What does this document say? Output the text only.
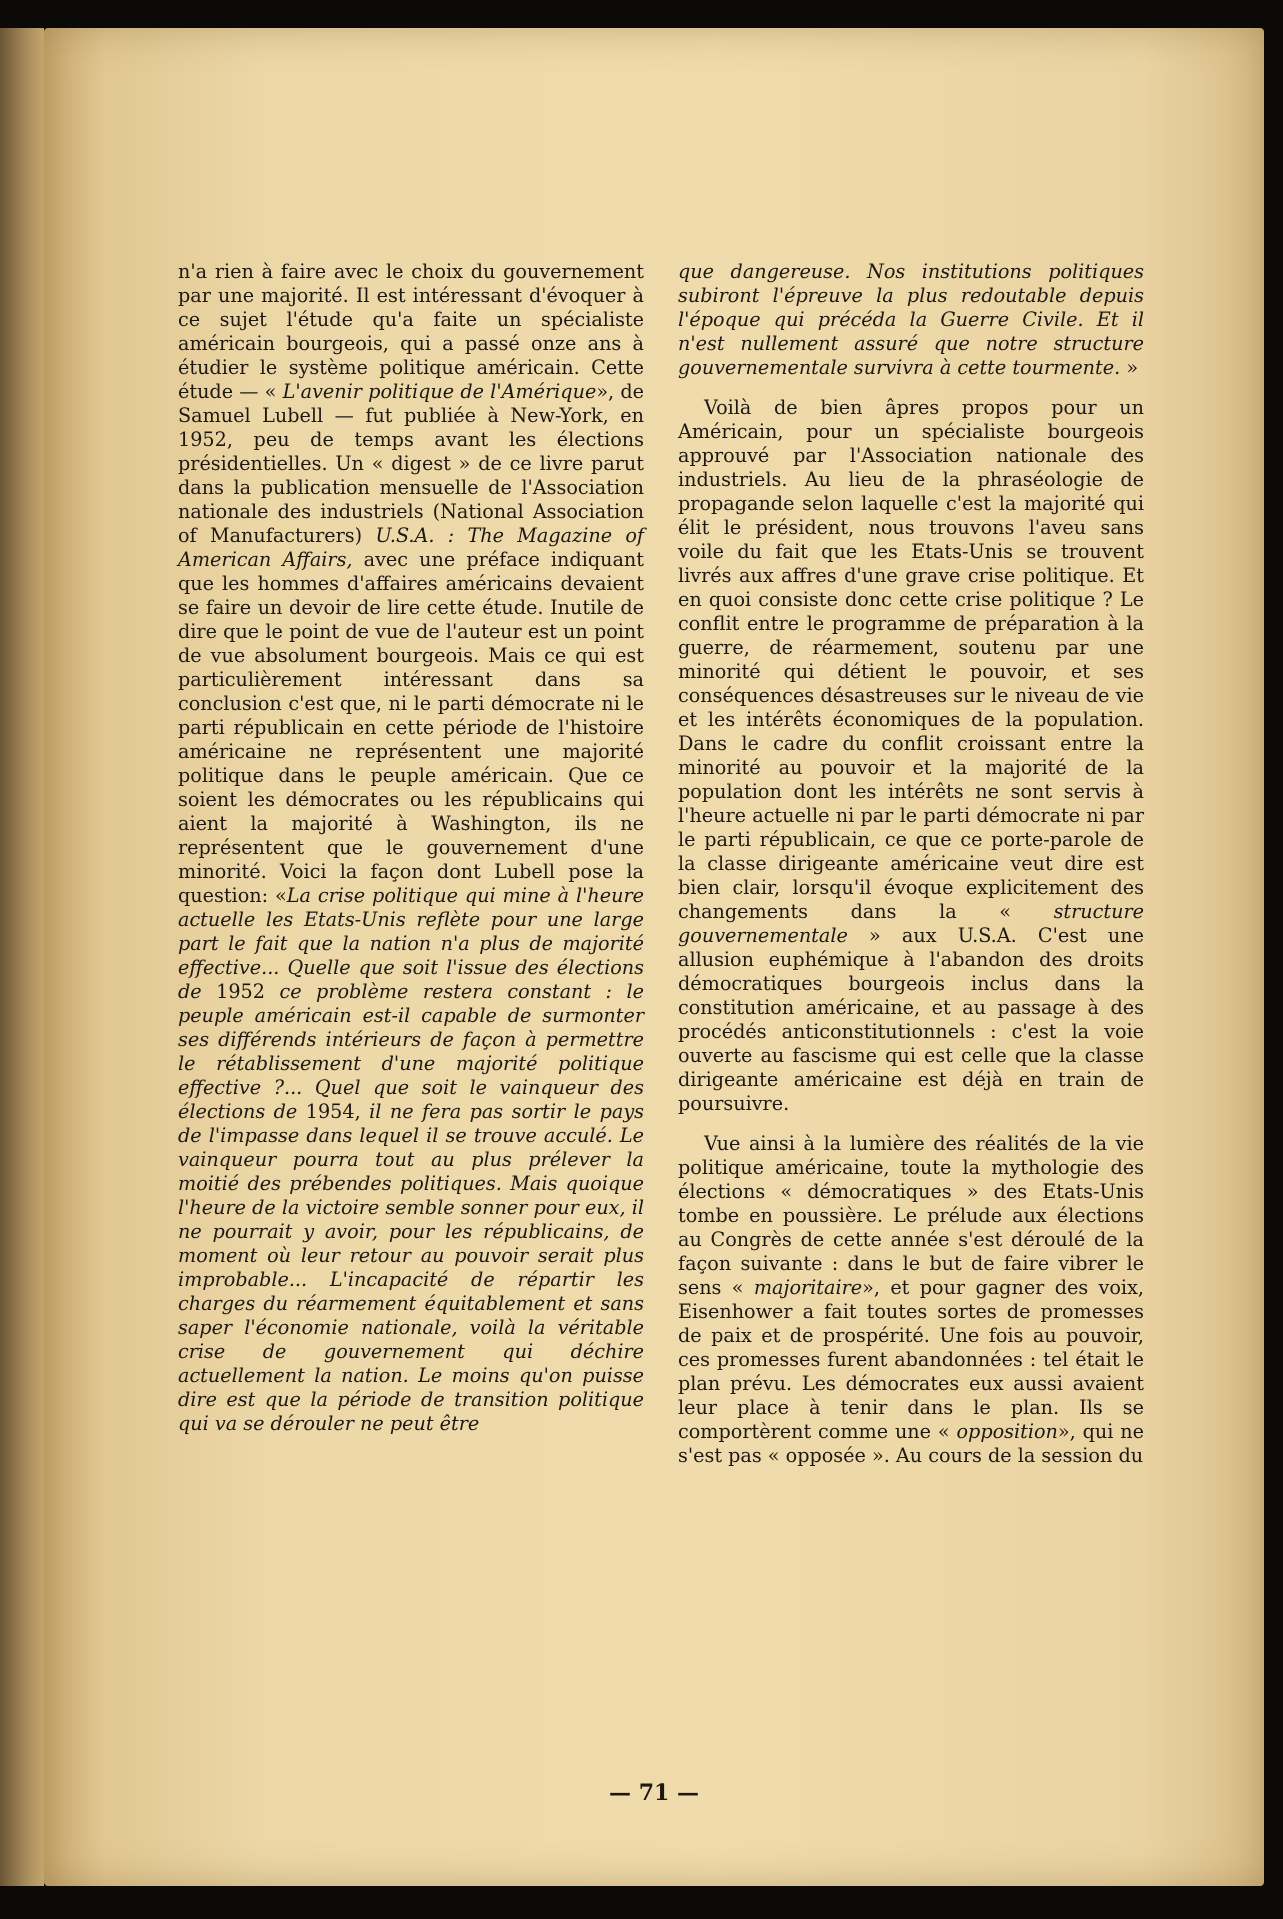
n'a rien à faire avec le choix du gouvernement par une majorité. Il est intéressant d'évoquer à ce sujet l'étude qu'a faite un spécialiste américain bourgeois, qui a passé onze ans à étudier le système politique américain. Cette étude — « L'avenir politique de l'Amérique», de Samuel Lubell — fut publiée à New-York, en 1952, peu de temps avant les élections présidentielles. Un « digest » de ce livre parut dans la publication mensuelle de l'Association nationale des industriels (National Association of Manufacturers) U.S.A. : The Magazine of American Affairs, avec une préface indiquant que les hommes d'affaires américains devaient se faire un devoir de lire cette étude. Inutile de dire que le point de vue de l'auteur est un point de vue absolument bourgeois. Mais ce qui est particulièrement intéressant dans sa conclusion c'est que, ni le parti démocrate ni le parti républicain en cette période de l'histoire américaine ne représentent une majorité politique dans le peuple américain. Que ce soient les démocrates ou les républicains qui aient la majorité à Washington, ils ne représentent que le gouvernement d'une minorité. Voici la façon dont Lubell pose la question: «La crise politique qui mine à l'heure actuelle les Etats-Unis reflète pour une large part le fait que la nation n'a plus de majorité effective... Quelle que soit l'issue des élections de 1952 ce problème restera constant : le peuple américain est-il capable de surmonter ses différends intérieurs de façon à permettre le rétablissement d'une majorité politique effective ?... Quel que soit le vainqueur des élections de 1954, il ne fera pas sortir le pays de l'impasse dans lequel il se trouve acculé. Le vainqueur pourra tout au plus prélever la moitié des prébendes politiques. Mais quoique l'heure de la victoire semble sonner pour eux, il ne pourrait y avoir, pour les républicains, de moment où leur retour au pouvoir serait plus improbable... L'incapacité de répartir les charges du réarmement équitablement et sans saper l'économie nationale, voilà la véritable crise de gouvernement qui déchire actuellement la nation. Le moins qu'on puisse dire est que la période de transition politique qui va se dérouler ne peut être

que dangereuse. Nos institutions politiques subiront l'épreuve la plus redoutable depuis l'époque qui précéda la Guerre Civile. Et il n'est nullement assuré que notre structure gouvernementale survivra à cette tourmente. »

Voilà de bien âpres propos pour un Américain, pour un spécialiste bourgeois approuvé par l'Association nationale des industriels. Au lieu de la phraséologie de propagande selon laquelle c'est la majorité qui élit le président, nous trouvons l'aveu sans voile du fait que les Etats-Unis se trouvent livrés aux affres d'une grave crise politique. Et en quoi consiste donc cette crise politique ? Le conflit entre le programme de préparation à la guerre, de réarmement, soutenu par une minorité qui détient le pouvoir, et ses conséquences désastreuses sur le niveau de vie et les intérêts économiques de la population. Dans le cadre du conflit croissant entre la minorité au pouvoir et la majorité de la population dont les intérêts ne sont servis à l'heure actuelle ni par le parti démocrate ni par le parti républicain, ce que ce porte-parole de la classe dirigeante américaine veut dire est bien clair, lorsqu'il évoque explicitement des changements dans la « structure gouvernementale » aux U.S.A. C'est une allusion euphémique à l'abandon des droits démocratiques bourgeois inclus dans la constitution américaine, et au passage à des procédés anticonstitutionnels : c'est la voie ouverte au fascisme qui est celle que la classe dirigeante américaine est déjà en train de poursuivre.

Vue ainsi à la lumière des réalités de la vie politique américaine, toute la mythologie des élections « démocratiques » des Etats-Unis tombe en poussière. Le prélude aux élections au Congrès de cette année s'est déroulé de la façon suivante : dans le but de faire vibrer le sens « majoritaire», et pour gagner des voix, Eisenhower a fait toutes sortes de promesses de paix et de prospérité. Une fois au pouvoir, ces promesses furent abandonnées : tel était le plan prévu. Les démocrates eux aussi avaient leur place à tenir dans le plan. Ils se comportèrent comme une « opposition», qui ne s'est pas « opposée ». Au cours de la session du

— 71 —
